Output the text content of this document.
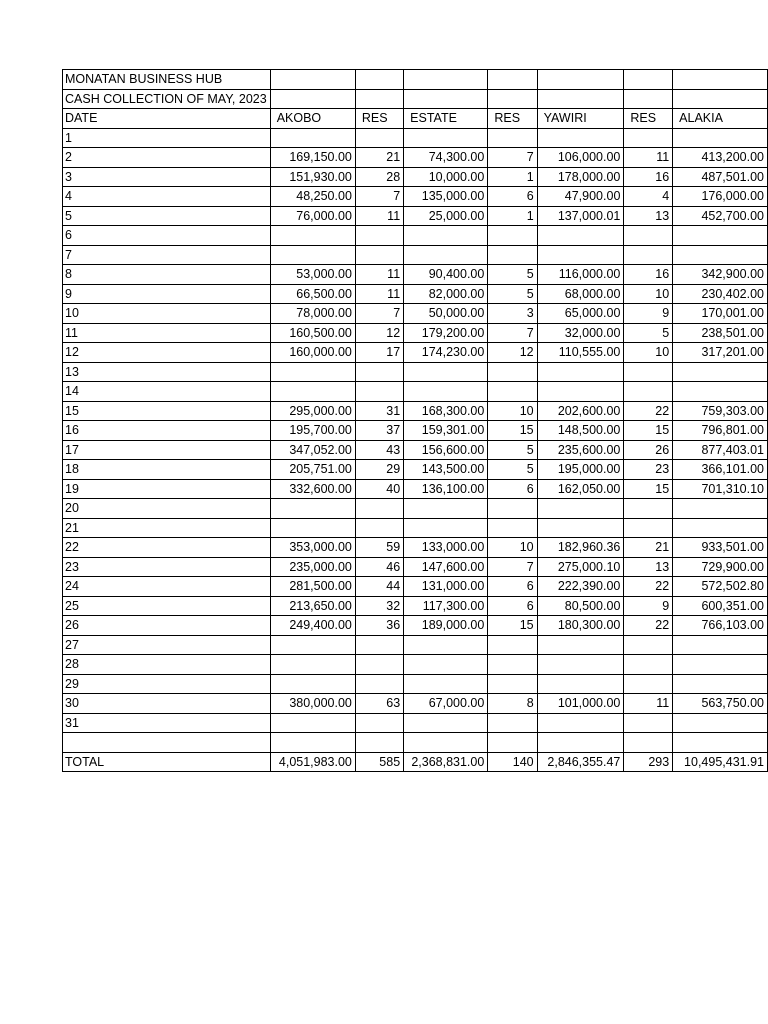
MONATAN BUSINESS HUB							
CASH COLLECTION OF MAY, 2023							
DATE	AKOBO	RES	ESTATE	RES	YAWIRI	RES	ALAKIA
1							
2	169,150.00	21	74,300.00	7	106,000.00	11	413,200.00
3	151,930.00	28	10,000.00	1	178,000.00	16	487,501.00
4	48,250.00	7	135,000.00	6	47,900.00	4	176,000.00
5	76,000.00	11	25,000.00	1	137,000.01	13	452,700.00
6							
7							
8	53,000.00	11	90,400.00	5	116,000.00	16	342,900.00
9	66,500.00	11	82,000.00	5	68,000.00	10	230,402.00
10	78,000.00	7	50,000.00	3	65,000.00	9	170,001.00
11	160,500.00	12	179,200.00	7	32,000.00	5	238,501.00
12	160,000.00	17	174,230.00	12	110,555.00	10	317,201.00
13							
14							
15	295,000.00	31	168,300.00	10	202,600.00	22	759,303.00
16	195,700.00	37	159,301.00	15	148,500.00	15	796,801.00
17	347,052.00	43	156,600.00	5	235,600.00	26	877,403.01
18	205,751.00	29	143,500.00	5	195,000.00	23	366,101.00
19	332,600.00	40	136,100.00	6	162,050.00	15	701,310.10
20							
21							
22	353,000.00	59	133,000.00	10	182,960.36	21	933,501.00
23	235,000.00	46	147,600.00	7	275,000.10	13	729,900.00
24	281,500.00	44	131,000.00	6	222,390.00	22	572,502.80
25	213,650.00	32	117,300.00	6	80,500.00	9	600,351.00
26	249,400.00	36	189,000.00	15	180,300.00	22	766,103.00
27							
28							
29							
30	380,000.00	63	67,000.00	8	101,000.00	11	563,750.00
31							

TOTAL	4,051,983.00	585	2,368,831.00	140	2,846,355.47	293	10,495,431.91
